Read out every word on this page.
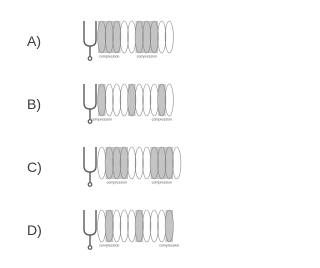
A)
compression	compression
B)
compression	compression
C)
compression	compression
D)
compression	compression
